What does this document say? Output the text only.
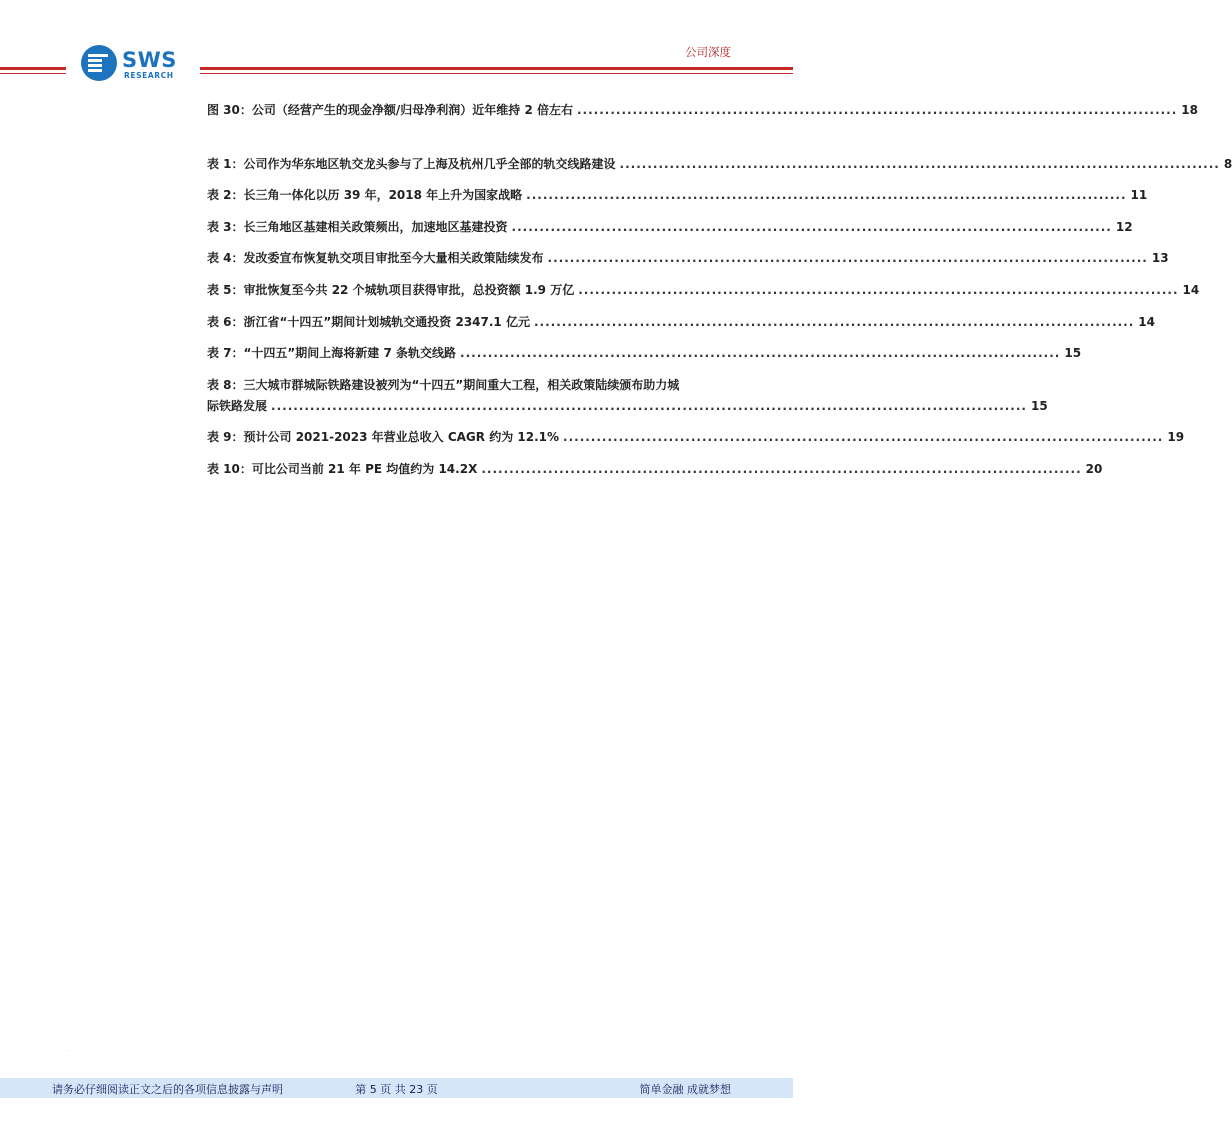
SWS
RESEARCH
公司深度
图 30：公司（经营产生的现金净额/归母净利润）近年维持 2 倍左右 ............................................................................................................ 18
表 1：公司作为华东地区轨交龙头参与了上海及杭州几乎全部的轨交线路建设 ............................................................................................................ 8
表 2：长三角一体化以历 39 年，2018 年上升为国家战略 ............................................................................................................ 11
表 3：长三角地区基建相关政策频出，加速地区基建投资 ............................................................................................................ 12
表 4：发改委宣布恢复轨交项目审批至今大量相关政策陆续发布 ............................................................................................................ 13
表 5：审批恢复至今共 22 个城轨项目获得审批，总投资额 1.9 万亿 ............................................................................................................ 14
表 6：浙江省“十四五”期间计划城轨交通投资 2347.1 亿元 ............................................................................................................ 14
表 7：“十四五”期间上海将新建 7 条轨交线路 ............................................................................................................ 15
表 8：三大城市群城际铁路建设被列为“十四五”期间重大工程，相关政策陆续颁布助力城
际铁路发展 ........................................................................................................................................ 15
表 9：预计公司 2021-2023 年营业总收入 CAGR 约为 12.1% ............................................................................................................ 19
表 10：可比公司当前 21 年 PE 均值约为 14.2X ............................................................................................................ 20
·
请务必仔细阅读正文之后的各项信息披露与声明	第 5 页 共 23 页	简单金融 成就梦想
